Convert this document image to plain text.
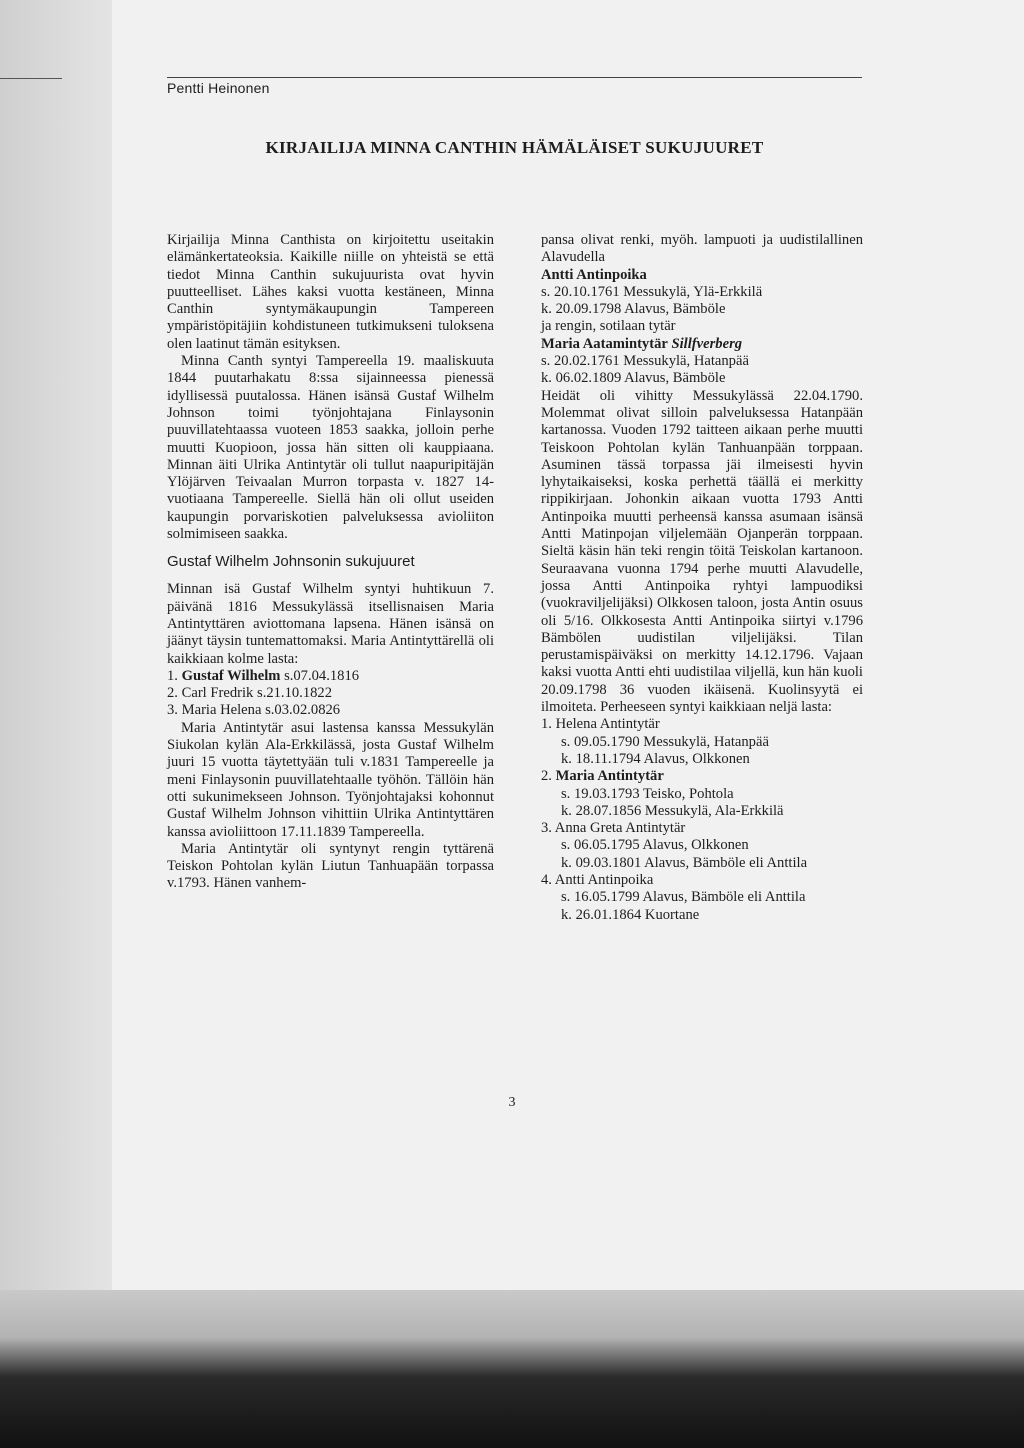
Pentti Heinonen
KIRJAILIJA MINNA CANTHIN HÄMÄLÄISET SUKUJUURET

Kirjailija Minna Canthista on kirjoitettu useitakin elämänkertateoksia. Kaikille niille on yhteistä se että tiedot Minna Canthin sukujuurista ovat hyvin puutteelliset. Lähes kaksi vuotta kestäneen, Minna Canthin syntymäkaupungin Tampereen ympäristöpitäjiin kohdistuneen tutkimukseni tuloksena olen laatinut tämän esityksen.

Minna Canth syntyi Tampereella 19. maaliskuuta 1844 puutarhakatu 8:ssa sijainneessa pienessä idyllisessä puutalossa. Hänen isänsä Gustaf Wilhelm Johnson toimi työnjohtajana Finlaysonin puuvillatehtaassa vuoteen 1853 saakka, jolloin perhe muutti Kuopioon, jossa hän sitten oli kauppiaana. Minnan äiti Ulrika Antintytär oli tullut naapuripitäjän Ylöjärven Teivaalan Murron torpasta v. 1827 14-vuotiaana Tampereelle. Siellä hän oli ollut useiden kaupungin porvariskotien palveluksessa avioliiton solmimiseen saakka.

Gustaf Wilhelm Johnsonin sukujuuret

Minnan isä Gustaf Wilhelm syntyi huhtikuun 7. päivänä 1816 Messukylässä itsellisnaisen Maria Antintyttären aviottomana lapsena. Hänen isänsä on jäänyt täysin tuntemattomaksi. Maria Antintyttärellä oli kaikkiaan kolme lasta:

1. Gustaf Wilhelm s.07.04.1816
2. Carl Fredrik s.21.10.1822
3. Maria Helena s.03.02.0826

Maria Antintytär asui lastensa kanssa Messukylän Siukolan kylän Ala-Erkkilässä, josta Gustaf Wilhelm juuri 15 vuotta täytettyään tuli v.1831 Tampereelle ja meni Finlaysonin puuvillatehtaalle työhön. Tällöin hän otti sukunimekseen Johnson. Työnjohtajaksi kohonnut Gustaf Wilhelm Johnson vihittiin Ulrika Antintyttären kanssa avioliittoon 17.11.1839 Tampereella.

Maria Antintytär oli syntynyt rengin tyttärenä Teiskon Pohtolan kylän Liutun Tanhuapään torpassa v.1793. Hänen vanhem-

pansa olivat renki, myöh. lampuoti ja uudistilallinen Alavudella

Antti Antinpoika
s. 20.10.1761 Messukylä, Ylä-Erkkilä
k. 20.09.1798 Alavus, Bämböle
ja rengin, sotilaan tytär
Maria Aatamintytär Sillfverberg
s. 20.02.1761 Messukylä, Hatanpää
k. 06.02.1809 Alavus, Bämböle

Heidät oli vihitty Messukylässä 22.04.1790. Molemmat olivat silloin palveluksessa Hatanpään kartanossa. Vuoden 1792 taitteen aikaan perhe muutti Teiskoon Pohtolan kylän Tanhuanpään torppaan. Asuminen tässä torpassa jäi ilmeisesti hyvin lyhytaikaiseksi, koska perhettä täällä ei merkitty rippikirjaan. Johonkin aikaan vuotta 1793 Antti Antinpoika muutti perheensä kanssa asumaan isänsä Antti Matinpojan viljelemään Ojanperän torppaan. Sieltä käsin hän teki rengin töitä Teiskolan kartanoon. Seuraavana vuonna 1794 perhe muutti Alavudelle, jossa Antti Antinpoika ryhtyi lampuodiksi (vuokraviljelijäksi) Olkkosen taloon, josta Antin osuus oli 5/16. Olkkosesta Antti Antinpoika siirtyi v.1796 Bämbölen uudistilan viljelijäksi. Tilan perustamispäiväksi on merkitty 14.12.1796. Vajaan kaksi vuotta Antti ehti uudistilaa viljellä, kun hän kuoli 20.09.1798 36 vuoden ikäisenä. Kuolinsyytä ei ilmoiteta. Perheeseen syntyi kaikkiaan neljä lasta:

1. Helena Antintytär
s. 09.05.1790 Messukylä, Hatanpää
k. 18.11.1794 Alavus, Olkkonen
2. Maria Antintytär
s. 19.03.1793 Teisko, Pohtola
k. 28.07.1856 Messukylä, Ala-Erkkilä
3. Anna Greta Antintytär
s. 06.05.1795 Alavus, Olkkonen
k. 09.03.1801 Alavus, Bämböle eli Anttila
4. Antti Antinpoika
s. 16.05.1799 Alavus, Bämböle eli Anttila
k. 26.01.1864 Kuortane
3
